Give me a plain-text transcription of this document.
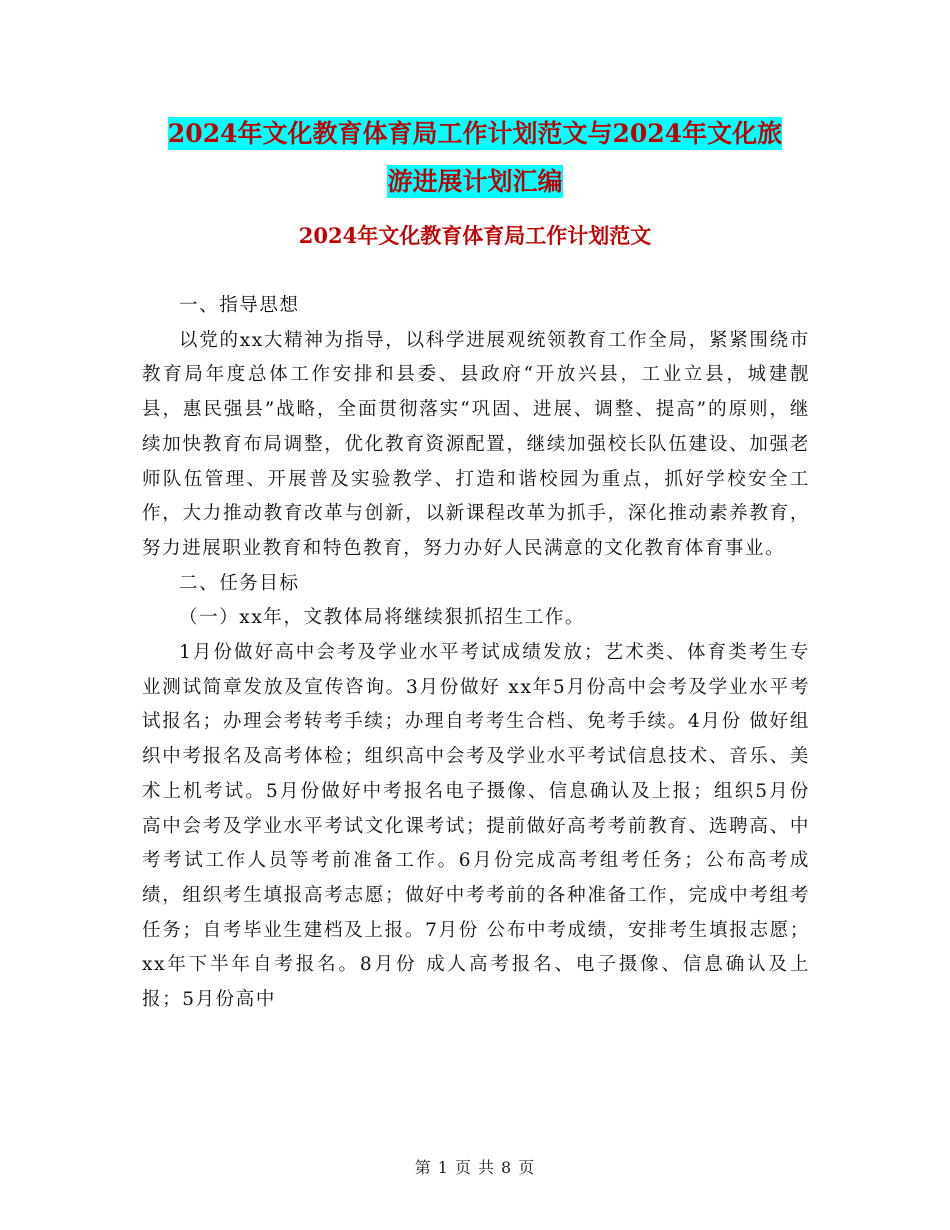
2024年文化教育体育局工作计划范文与2024年文化旅
游进展计划汇编
2024年文化教育体育局工作计划范文

一、指导思想

以党的xx大精神为指导，以科学进展观统领教育工作全局，紧紧围绕市教育局年度总体工作安排和县委、县政府“开放兴县，工业立县，城建靓县，惠民强县”战略，全面贯彻落实“巩固、进展、调整、提高”的原则，继续加快教育布局调整，优化教育资源配置，继续加强校长队伍建设、加强老师队伍管理、开展普及实验教学、打造和谐校园为重点，抓好学校安全工作，大力推动教育改革与创新，以新课程改革为抓手，深化推动素养教育，努力进展职业教育和特色教育，努力办好人民满意的文化教育体育事业。

二、任务目标

（一）xx年，文教体局将继续狠抓招生工作。

1月份做好高中会考及学业水平考试成绩发放；艺术类、体育类考生专业测试简章发放及宣传咨询。3月份做好 xx年5月份高中会考及学业水平考试报名；办理会考转考手续；办理自考考生合档、免考手续。4月份 做好组织中考报名及高考体检；组织高中会考及学业水平考试信息技术、音乐、美术上机考试。5月份做好中考报名电子摄像、信息确认及上报；组织5月份高中会考及学业水平考试文化课考试；提前做好高考考前教育、选聘高、中考考试工作人员等考前准备工作。6月份完成高考组考任务；公布高考成绩，组织考生填报高考志愿；做好中考考前的各种准备工作，完成中考组考任务；自考毕业生建档及上报。7月份 公布中考成绩，安排考生填报志愿；xx年下半年自考报名。8月份 成人高考报名、电子摄像、信息确认及上报；5月份高中

第 1 页 共 8 页
